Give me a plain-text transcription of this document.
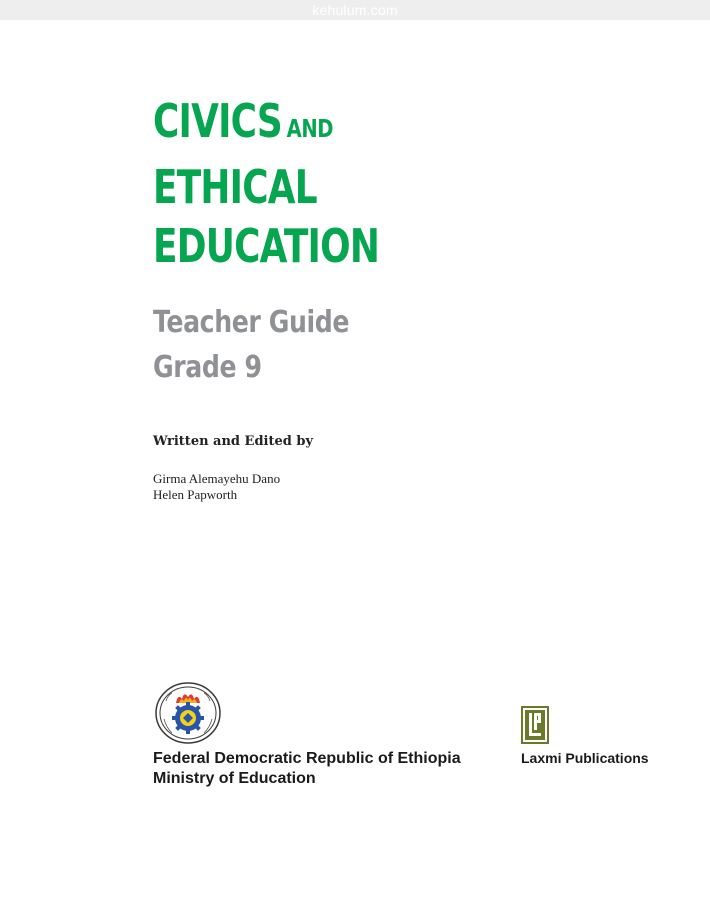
kehulum.com
CIVICS AND
ETHICAL
EDUCATION
Teacher Guide
Grade 9
Written and Edited by
Girma Alemayehu Dano
Helen Papworth
Federal Democratic Republic of Ethiopia
Ministry of Education
Laxmi Publications
